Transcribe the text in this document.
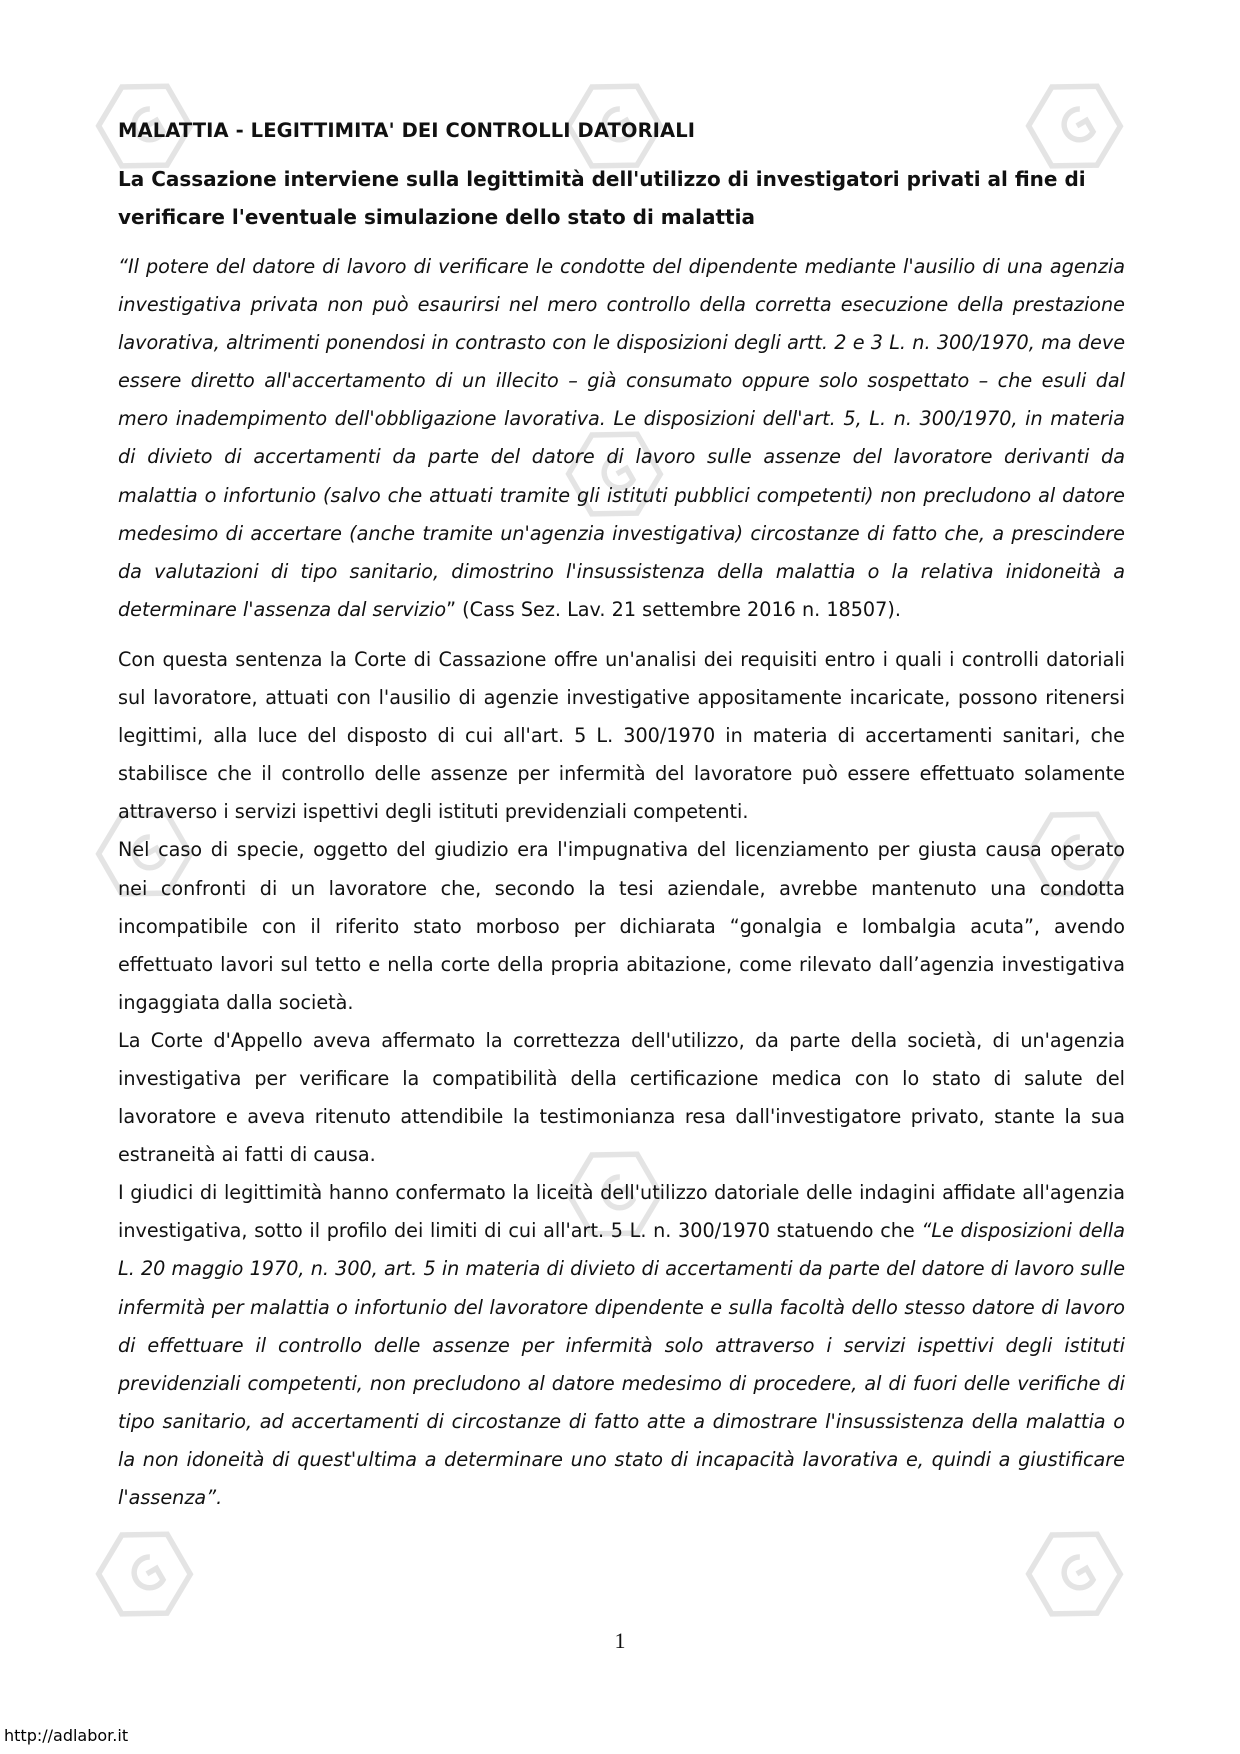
MALATTIA - LEGITTIMITA' DEI CONTROLLI DATORIALI

La Cassazione interviene sulla legittimità dell'utilizzo di investigatori privati al fine di verificare l'eventuale simulazione dello stato di malattia

“Il potere del datore di lavoro di verificare le condotte del dipendente mediante l'ausilio di una agenzia investigativa privata non può esaurirsi nel mero controllo della corretta esecuzione della prestazione lavorativa, altrimenti ponendosi in contrasto con le disposizioni degli artt. 2 e 3 L. n. 300/1970, ma deve essere diretto all'accertamento di un illecito – già consumato oppure solo sospettato – che esuli dal mero inadempimento dell'obbligazione lavorativa. Le disposizioni dell'art. 5, L. n. 300/1970, in materia di divieto di accertamenti da parte del datore di lavoro sulle assenze del lavoratore derivanti da malattia o infortunio (salvo che attuati tramite gli istituti pubblici competenti) non precludono al datore medesimo di accertare (anche tramite un'agenzia investigativa) circostanze di fatto che, a prescindere da valutazioni di tipo sanitario, dimostrino l'insussistenza della malattia o la relativa inidoneità a determinare l'assenza dal servizio” (Cass Sez. Lav. 21 settembre 2016 n. 18507).

Con questa sentenza la Corte di Cassazione offre un'analisi dei requisiti entro i quali i controlli datoriali sul lavoratore, attuati con l'ausilio di agenzie investigative appositamente incaricate, possono ritenersi legittimi, alla luce del disposto di cui all'art. 5 L. 300/1970 in materia di accertamenti sanitari, che stabilisce che il controllo delle assenze per infermità del lavoratore può essere effettuato solamente attraverso i servizi ispettivi degli istituti previdenziali competenti.

Nel caso di specie, oggetto del giudizio era l'impugnativa del licenziamento per giusta causa operato nei confronti di un lavoratore che, secondo la tesi aziendale, avrebbe mantenuto una condotta incompatibile con il riferito stato morboso per dichiarata “gonalgia e lombalgia acuta”, avendo effettuato lavori sul tetto e nella corte della propria abitazione, come rilevato dall’agenzia investigativa ingaggiata dalla società.

La Corte d'Appello aveva affermato la correttezza dell'utilizzo, da parte della società, di un'agenzia investigativa per verificare la compatibilità della certificazione medica con lo stato di salute del lavoratore e aveva ritenuto attendibile la testimonianza resa dall'investigatore privato, stante la sua estraneità ai fatti di causa.

I giudici di legittimità hanno confermato la liceità dell'utilizzo datoriale delle indagini affidate all'agenzia investigativa, sotto il profilo dei limiti di cui all'art. 5 L. n. 300/1970 statuendo che “Le disposizioni della L. 20 maggio 1970, n. 300, art. 5 in materia di divieto di accertamenti da parte del datore di lavoro sulle infermità per malattia o infortunio del lavoratore dipendente e sulla facoltà dello stesso datore di lavoro di effettuare il controllo delle assenze per infermità solo attraverso i servizi ispettivi degli istituti previdenziali competenti, non precludono al datore medesimo di procedere, al di fuori delle verifiche di tipo sanitario, ad accertamenti di circostanze di fatto atte a dimostrare l'insussistenza della malattia o la non idoneità di quest'ultima a determinare uno stato di incapacità lavorativa e, quindi a giustificare l'assenza”.

1
http://adlabor.it
